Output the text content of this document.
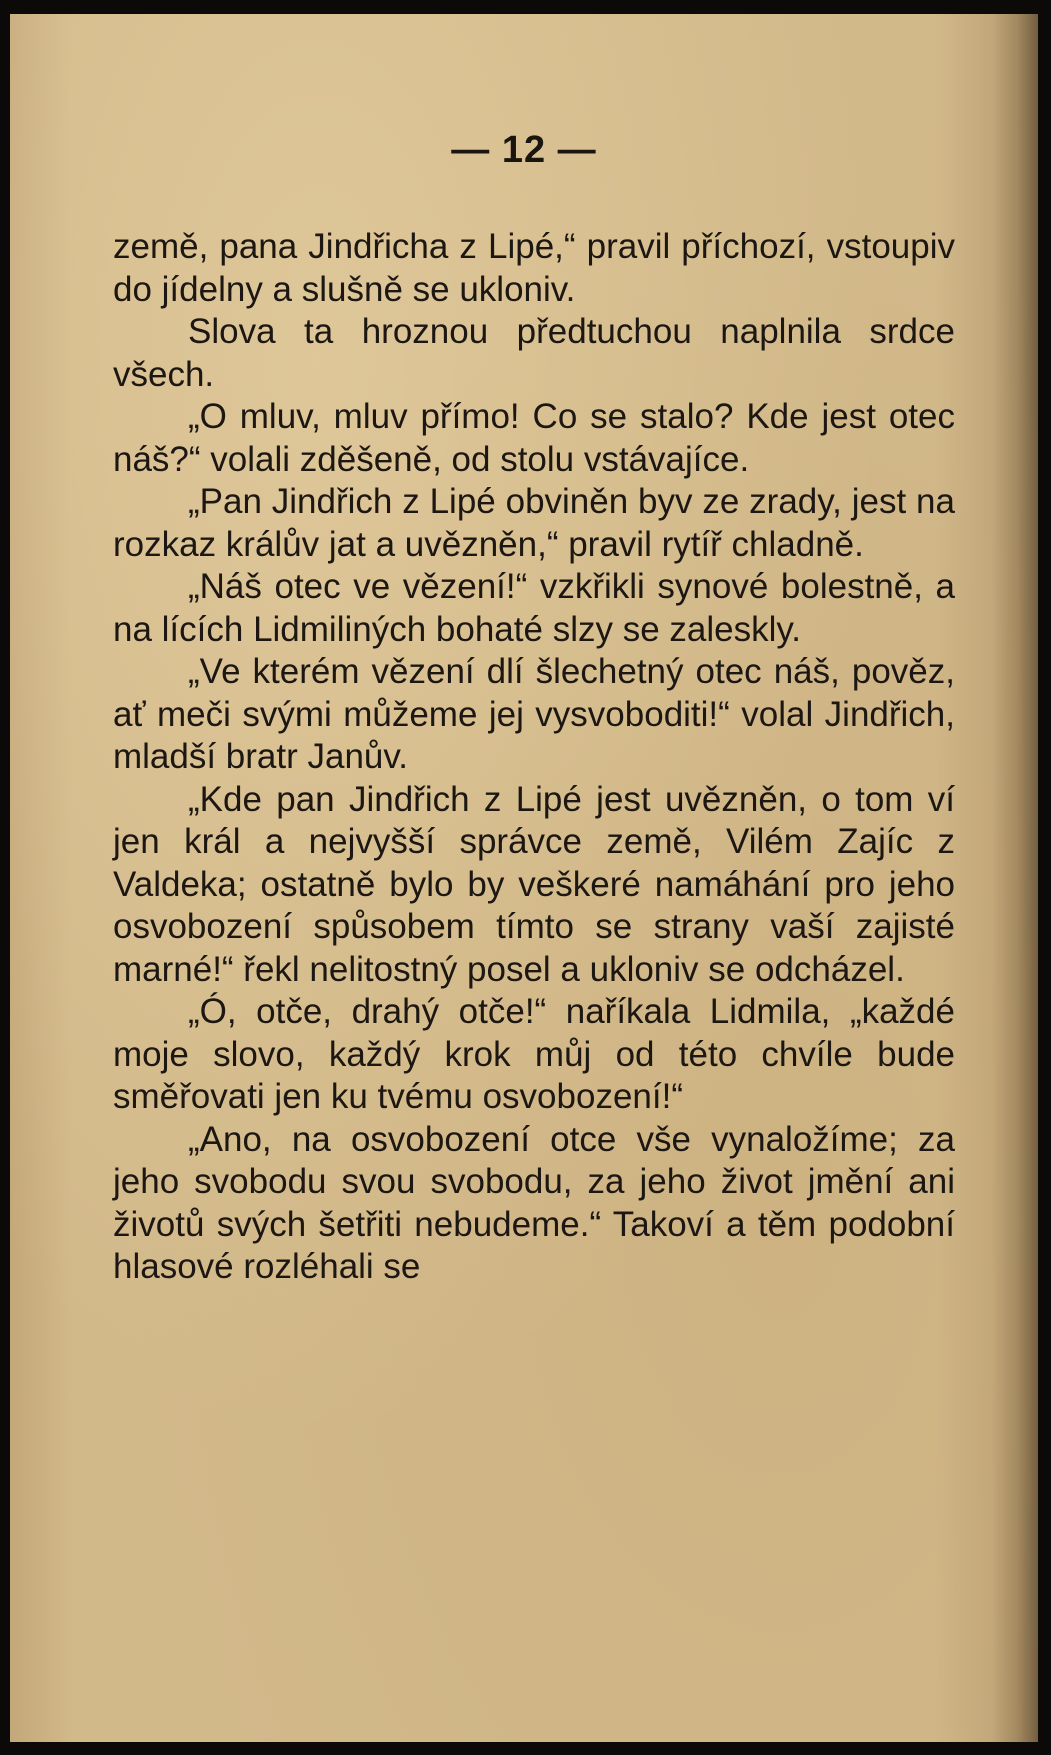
— 12 —

země, pana Jindřicha z Lipé,“ pravil příchozí, vstoupiv do jídelny a slušně se ukloniv.

Slova ta hroznou předtuchou naplnila srdce všech.

„O mluv, mluv přímo! Co se stalo? Kde jest otec náš?“ volali zděšeně, od stolu vstávajíce.

„Pan Jindřich z Lipé obviněn byv ze zrady, jest na rozkaz králův jat a uvězněn,“ pravil rytíř chladně.

„Náš otec ve vězení!“ vzkřikli synové bolestně, a na lících Lidmiliných bohaté slzy se zaleskly.

„Ve kterém vězení dlí šlechetný otec náš, pověz, ať meči svými můžeme jej vysvoboditi!“ volal Jindřich, mladší bratr Janův.

„Kde pan Jindřich z Lipé jest uvězněn, o tom ví jen král a nejvyšší správce země, Vilém Zajíc z Valdeka; ostatně bylo by veškeré namáhání pro jeho osvobození spůsobem tímto se strany vaší zajisté marné!“ řekl nelitostný posel a ukloniv se odcházel.

„Ó, otče, drahý otče!“ naříkala Lidmila, „každé moje slovo, každý krok můj od této chvíle bude směřovati jen ku tvému osvobození!“

„Ano, na osvobození otce vše vynaložíme; za jeho svobodu svou svobodu, za jeho život jmění ani životů svých šetřiti nebudeme.“ Takoví a těm podobní hlasové rozléhali se
